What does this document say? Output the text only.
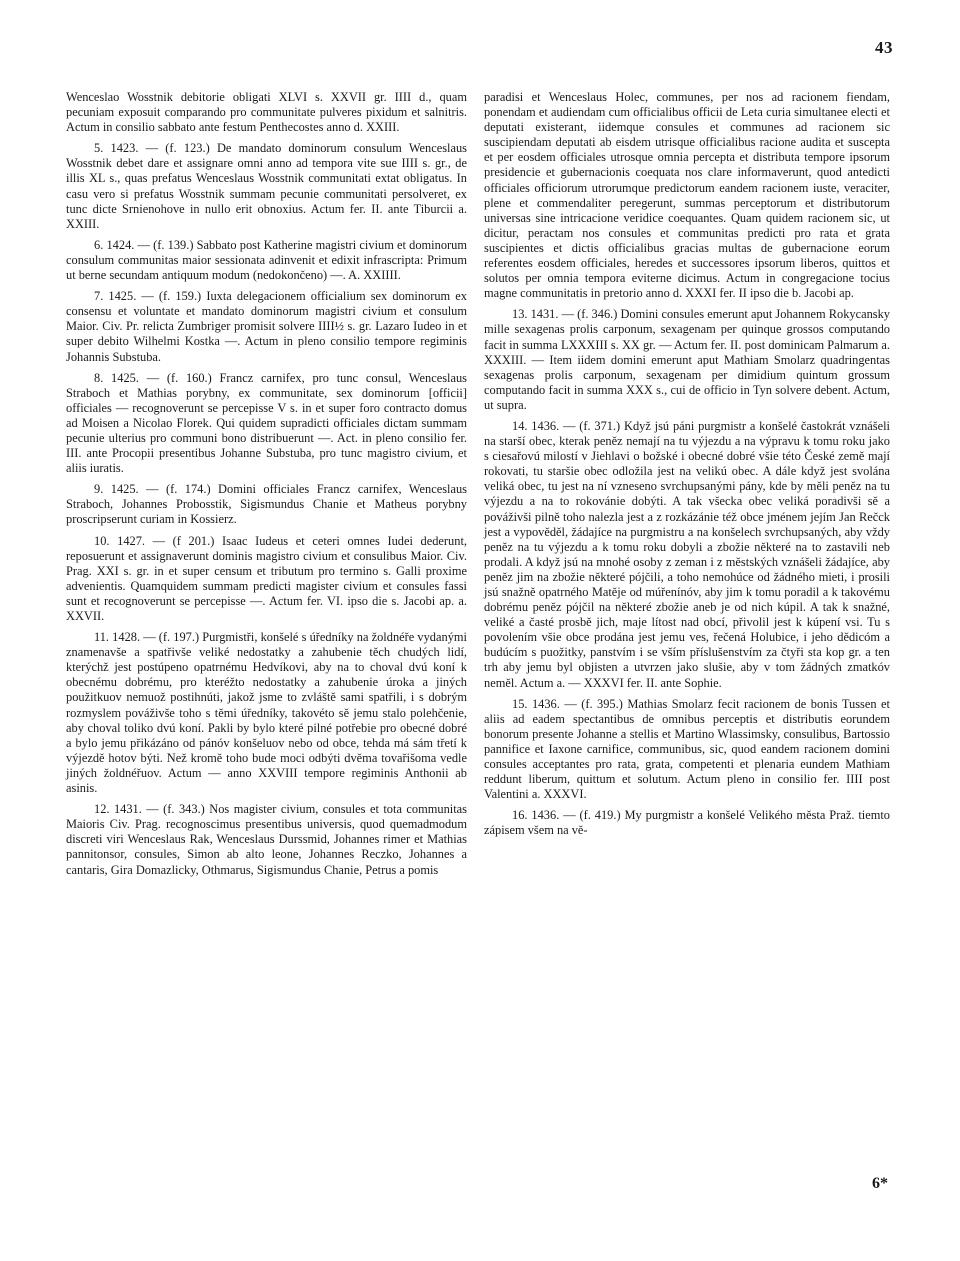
43

Wenceslao Wosstnik debitorie obligati XLVI s. XXVII gr. IIII d., quam pecuniam exposuit comparando pro communitate pulveres pixidum et salnitris. Actum in consilio sabbato ante festum Penthecostes anno d. XXIII.

5. 1423. — (f. 123.) De mandato dominorum consulum Wenceslaus Wosstnik debet dare et assignare omni anno ad tempora vite sue IIII s. gr., de illis XL s., quas prefatus Wenceslaus Wosstnik communitati extat obligatus. In casu vero si prefatus Wosstnik summam pecunie communitati persolveret, ex tunc dicte Srnienohove in nullo erit obnoxius. Actum fer. II. ante Tiburcii a. XXIII.

6. 1424. — (f. 139.) Sabbato post Katherine magistri civium et dominorum consulum communitas maior sessionata adinvenit et edixit infrascripta: Primum ut berne secundam antiquum modum (nedokončeno) —. A. XXIIII.

7. 1425. — (f. 159.) Iuxta delegacionem officialium sex dominorum ex consensu et voluntate et mandato dominorum magistri civium et consulum Maior. Civ. Pr. relicta Zumbriger promisit solvere IIII½ s. gr. Lazaro Iudeo in et super debito Wilhelmi Kostka —. Actum in pleno consilio tempore regiminis Johannis Substuba.

8. 1425. — (f. 160.) Francz carnifex, pro tunc consul, Wenceslaus Straboch et Mathias porybny, ex communitate, sex dominorum [officii] officiales — recognoverunt se percepisse V s. in et super foro contracto domus ad Moisen a Nicolao Florek. Qui quidem supradicti officiales dictam summam pecunie ulterius pro communi bono distribuerunt —. Act. in pleno consilio fer. III. ante Procopii presentibus Johanne Substuba, pro tunc magistro civium, et aliis iuratis.

9. 1425. — (f. 174.) Domini officiales Francz carnifex, Wenceslaus Straboch, Johannes Probosstik, Sigismundus Chanie et Matheus porybny proscripserunt curiam in Kossierz.

10. 1427. — (f 201.) Isaac Iudeus et ceteri omnes Iudei dederunt, reposuerunt et assignaverunt dominis magistro civium et consulibus Maior. Civ. Prag. XXI s. gr. in et super censum et tributum pro termino s. Galli proxime advenientis. Quamquidem summam predicti magister civium et consules fassi sunt et recognoverunt se percepisse —. Actum fer. VI. ipso die s. Jacobi ap. a. XXVII.

11. 1428. — (f. 197.) Purgmistři, konšelé s úředníky na žoldnéře vydanými znamenavše a spatřivše veliké nedostatky a zahubenie těch chudých lidí, kterýchž jest postúpeno opatrnému Hedvíkovi, aby na to choval dvú koní k obecnému dobrému, pro kteréžto nedostatky a zahubenie úroka a jiných použitkuov nemuož postihnúti, jakož jsme to zvláště sami spatřili, i s dobrým rozmyslem pováživše toho s těmi úředníky, takovéto sě jemu stalo polehčenie, aby choval toliko dvú koní. Pakli by bylo které pilné potřebie pro obecné dobré a bylo jemu přikázáno od pánóv konšeluov nebo od obce, tehda má sám třetí k výjezdě hotov býti. Než kromě toho bude moci odbýti dvěma tovařišoma vedle jiných žoldnéřuov. Actum — anno XXVIII tempore regiminis Anthonii ab asinis.

12. 1431. — (f. 343.) Nos magister civium, consules et tota communitas Maioris Civ. Prag. recognoscimus presentibus universis, quod quemadmodum discreti viri Wenceslaus Rak, Wenceslaus Durssmid, Johannes rimer et Mathias pannitonsor, consules, Simon ab alto leone, Johannes Reczko, Johannes a cantaris, Gira Domazlicky, Othmarus, Sigismundus Chanie, Petrus a pomis

paradisi et Wenceslaus Holec, communes, per nos ad racionem fiendam, ponendam et audiendam cum officialibus officii de Leta curia simultanee electi et deputati existerant, iidemque consules et communes ad racionem sic suscipiendam deputati ab eisdem utrisque officialibus racione audita et suscepta et per eosdem officiales utrosque omnia percepta et distributa tempore ipsorum presidencie et gubernacionis coequata nos clare informaverunt, quod antedicti officiales officiorum utrorumque predictorum eandem racionem iuste, veraciter, plene et commendaliter peregerunt, summas perceptorum et distributorum universas sine intricacione veridice coequantes. Quam quidem racionem sic, ut dicitur, peractam nos consules et communitas predicti pro rata et grata suscipientes et dictis officialibus gracias multas de gubernacione eorum referentes eosdem officiales, heredes et successores ipsorum liberos, quittos et solutos per omnia tempora eviterne dicimus. Actum in congregacione tocius magne communitatis in pretorio anno d. XXXI fer. II ipso die b. Jacobi ap.

13. 1431. — (f. 346.) Domini consules emerunt aput Johannem Rokycansky mille sexagenas prolis carponum, sexagenam per quinque grossos computando facit in summa LXXXIII s. XX gr. — Actum fer. II. post dominicam Palmarum a. XXXIII. — Item iidem domini emerunt aput Mathiam Smolarz quadringentas sexagenas prolis carponum, sexagenam per dimidium quintum grossum computando facit in summa XXX s., cui de officio in Tyn solvere debent. Actum, ut supra.

14. 1436. — (f. 371.) Když jsú páni purgmistr a konšelé častokrát vznášeli na starší obec, kterak peněz nemají na tu výjezdu a na výpravu k tomu roku jako s ciesařovú milostí v Jiehlavi o božské i obecné dobré všie této České země mají rokovati, tu staršie obec odložila jest na velikú obec. A dále když jest svolána veliká obec, tu jest na ní vzneseno svrchupsanými pány, kde by měli peněz na tu výjezdu a na to rokovánie dobýti. A tak všecka obec veliká poradivši sě a pováživši pilně toho nalezla jest a z rozkázánie též obce jménem jejím Jan Rečck jest a vypověděl, žádajíce na purgmistru a na konšelech svrchupsaných, aby vždy peněz na tu výjezdu a k tomu roku dobyli a zbožie některé na to zastavili neb prodali. A když jsú na mnohé osoby z zeman i z městských vznášeli žádajíce, aby peněz jim na zbožie některé pójčili, a toho nemohúce od žádného mieti, i prosili jsú snažně opatrného Matěje od múřenínóv, aby jim k tomu poradil a k takovému dobrému peněz pójčil na některé zbožie aneb je od nich kúpil. A tak k snažné, veliké a časté prosbě jich, maje lítost nad obcí, přivolil jest k kúpení vsi. Tu s povolením všie obce prodána jest jemu ves, řečená Holubice, i jeho dědicóm a budúcím s puožitky, panstvím i se vším příslušenstvím za čtyři sta kop gr. a ten trh aby jemu byl objisten a utvrzen jako slušie, aby v tom žádných zmatkóv neměl. Actum a. — XXXVI fer. II. ante Sophie.

15. 1436. — (f. 395.) Mathias Smolarz fecit racionem de bonis Tussen et aliis ad eadem spectantibus de omnibus perceptis et distributis eorundem bonorum presente Johanne a stellis et Martino Wlassimsky, consulibus, Bartossio pannifice et Iaxone carnifice, communibus, sic, quod eandem racionem domini consules acceptantes pro rata, grata, competenti et plenaria eundem Mathiam reddunt liberum, quittum et solutum. Actum pleno in consilio fer. IIII post Valentini a. XXXVI.

16. 1436. — (f. 419.) My purgmistr a konšelé Velikého města Praž. tiemto zápisem všem na vě-

6*
